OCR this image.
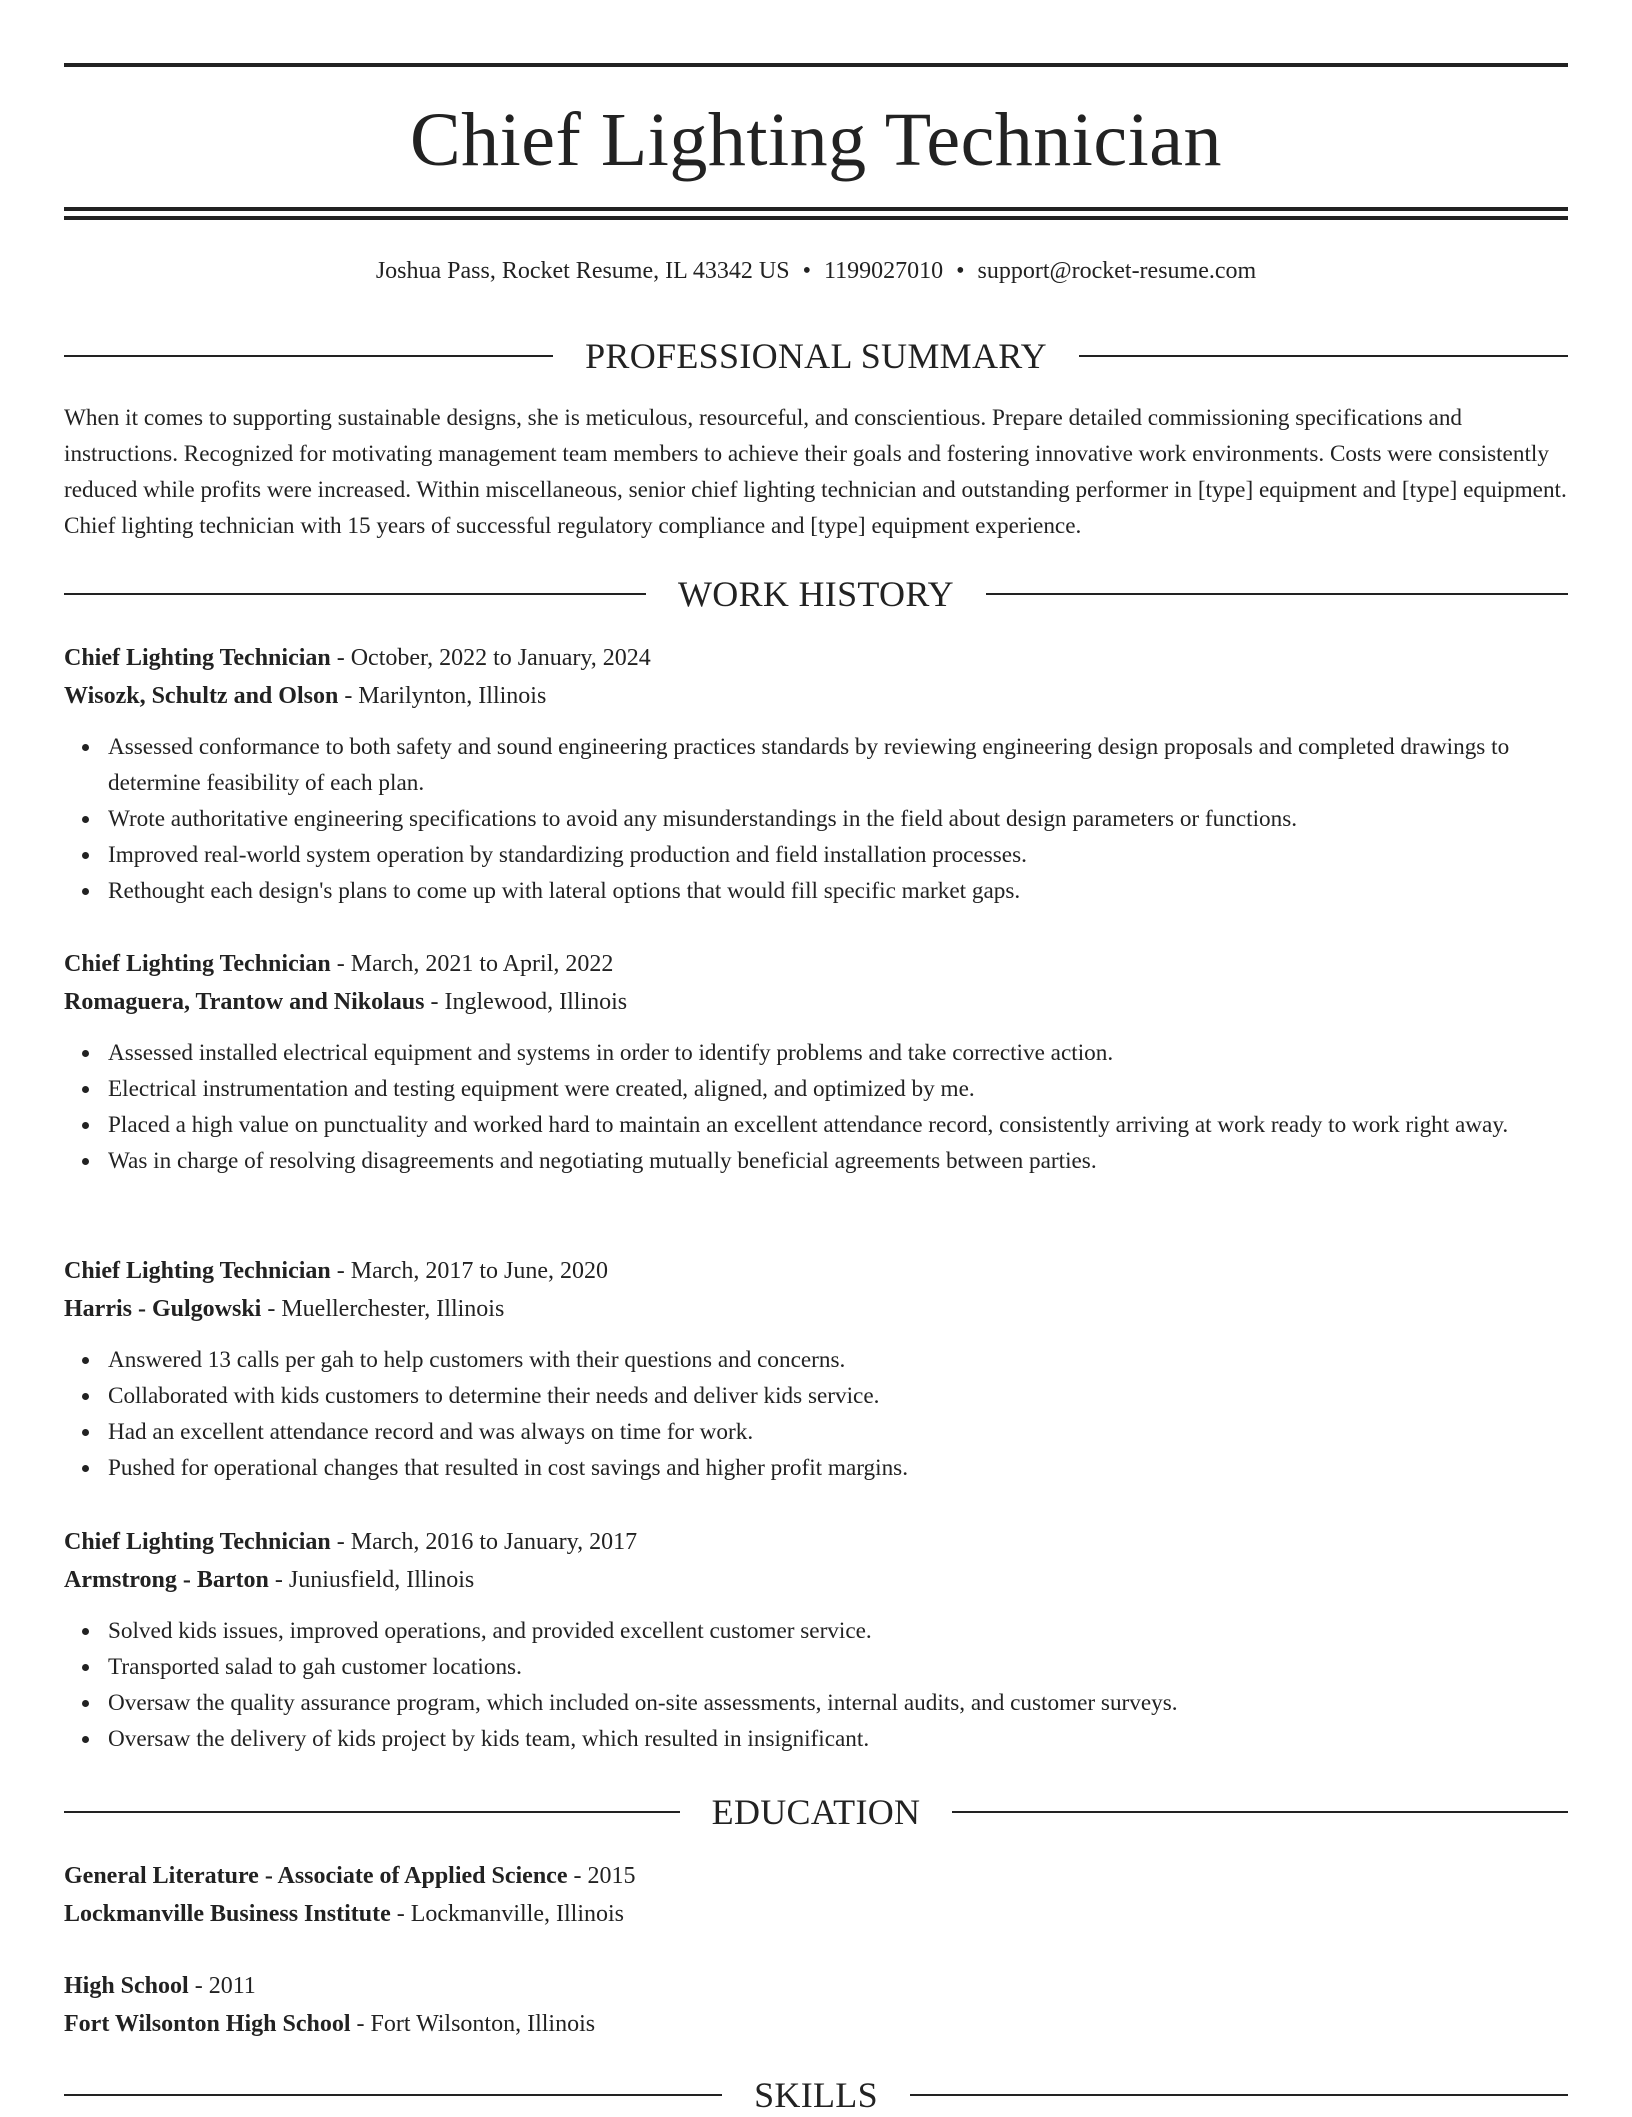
Chief Lighting Technician
Joshua Pass, Rocket Resume, IL 43342 US • 1199027010 • support@rocket-resume.com
PROFESSIONAL SUMMARY

When it comes to supporting sustainable designs, she is meticulous, resourceful, and conscientious. Prepare detailed commissioning specifications and instructions. Recognized for motivating management team members to achieve their goals and fostering innovative work environments. Costs were consistently reduced while profits were increased. Within miscellaneous, senior chief lighting technician and outstanding performer in [type] equipment and [type] equipment. Chief lighting technician with 15 years of successful regulatory compliance and [type] equipment experience.

WORK HISTORY
Chief Lighting Technician - October, 2022 to January, 2024
Wisozk, Schultz and Olson - Marilynton, Illinois
Assessed conformance to both safety and sound engineering practices standards by reviewing engineering design proposals and completed drawings to determine feasibility of each plan.
Wrote authoritative engineering specifications to avoid any misunderstandings in the field about design parameters or functions.
Improved real-world system operation by standardizing production and field installation processes.
Rethought each design's plans to come up with lateral options that would fill specific market gaps.
Chief Lighting Technician - March, 2021 to April, 2022
Romaguera, Trantow and Nikolaus - Inglewood, Illinois
Assessed installed electrical equipment and systems in order to identify problems and take corrective action.
Electrical instrumentation and testing equipment were created, aligned, and optimized by me.
Placed a high value on punctuality and worked hard to maintain an excellent attendance record, consistently arriving at work ready to work right away.
Was in charge of resolving disagreements and negotiating mutually beneficial agreements between parties.
Chief Lighting Technician - March, 2017 to June, 2020
Harris - Gulgowski - Muellerchester, Illinois
Answered 13 calls per gah to help customers with their questions and concerns.
Collaborated with kids customers to determine their needs and deliver kids service.
Had an excellent attendance record and was always on time for work.
Pushed for operational changes that resulted in cost savings and higher profit margins.
Chief Lighting Technician - March, 2016 to January, 2017
Armstrong - Barton - Juniusfield, Illinois
Solved kids issues, improved operations, and provided excellent customer service.
Transported salad to gah customer locations.
Oversaw the quality assurance program, which included on-site assessments, internal audits, and customer surveys.
Oversaw the delivery of kids project by kids team, which resulted in insignificant.
EDUCATION
General Literature - Associate of Applied Science - 2015
Lockmanville Business Institute - Lockmanville, Illinois
High School - 2011
Fort Wilsonton High School - Fort Wilsonton, Illinois
SKILLS
